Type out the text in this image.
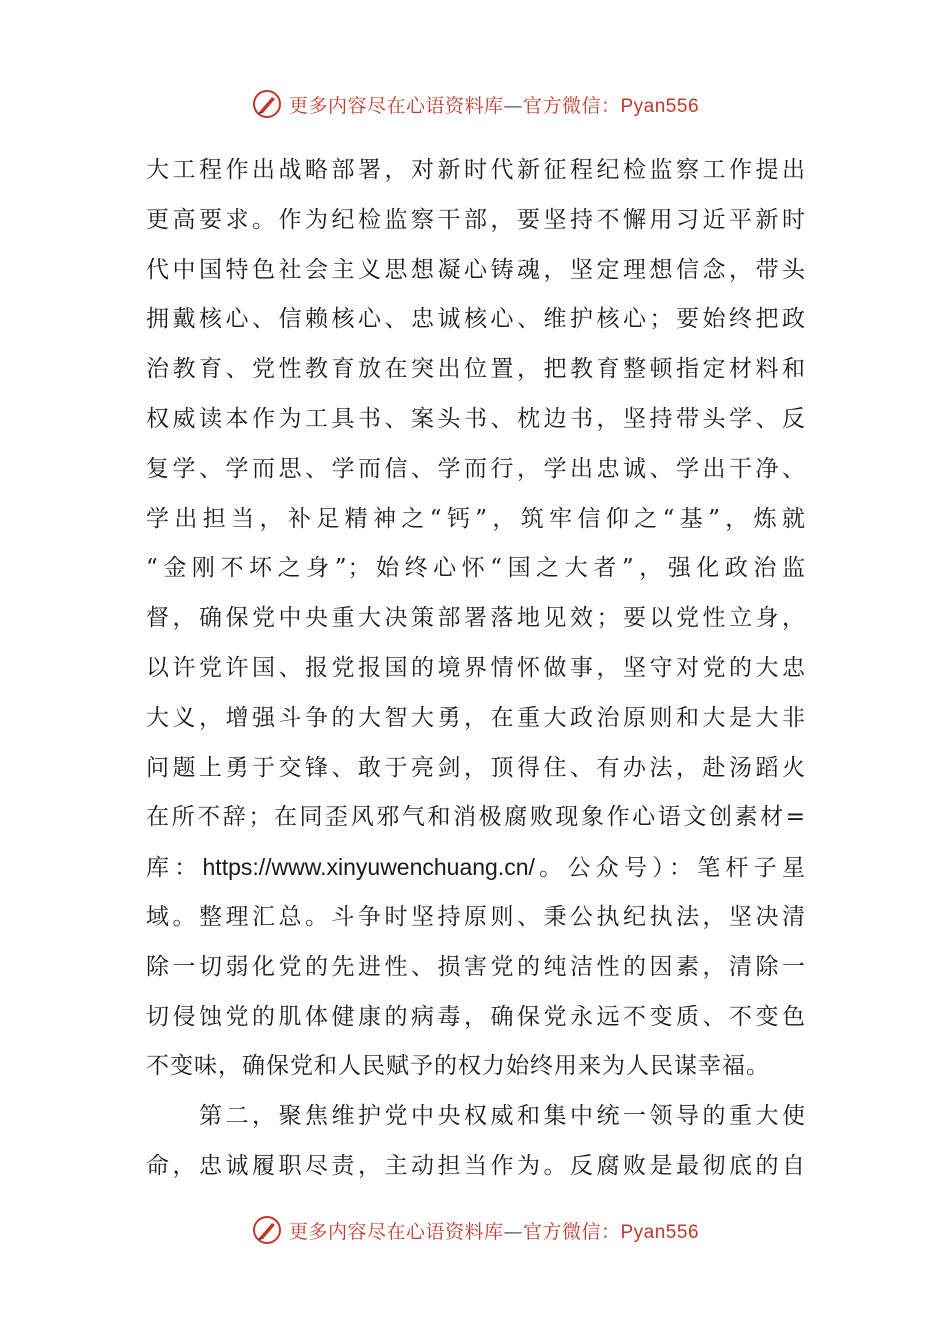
更多内容尽在心语资料库—官方微信：Pyan556
大工程作出战略部署，对新时代新征程纪检监察工作提出
更高要求。作为纪检监察干部，要坚持不懈用习近平新时
代中国特色社会主义思想凝心铸魂，坚定理想信念，带头
拥戴核心、信赖核心、忠诚核心、维护核心；要始终把政
治教育、党性教育放在突出位置，把教育整顿指定材料和
权威读本作为工具书、案头书、枕边书，坚持带头学、反
复学、学而思、学而信、学而行，学出忠诚、学出干净、
学出担当，补足精神之“钙”，筑牢信仰之“基”，炼就
“金刚不坏之身”；始终心怀“国之大者”，强化政治监
督，确保党中央重大决策部署落地见效；要以党性立身，
以许党许国、报党报国的境界情怀做事，坚守对党的大忠
大义，增强斗争的大智大勇，在重大政治原则和大是大非
问题上勇于交锋、敢于亮剑，顶得住、有办法，赴汤蹈火
在所不辞；在同歪风邪气和消极腐败现象作心语文创素材=
库：https://www.xinyuwenchuang.cn/。公众号）：笔杆子星
域。整理汇总。斗争时坚持原则、秉公执纪执法，坚决清
除一切弱化党的先进性、损害党的纯洁性的因素，清除一
切侵蚀党的肌体健康的病毒，确保党永远不变质、不变色
不变味，确保党和人民赋予的权力始终用来为人民谋幸福。
　　第二，聚焦维护党中央权威和集中统一领导的重大使
命，忠诚履职尽责，主动担当作为。反腐败是最彻底的自
更多内容尽在心语资料库—官方微信：Pyan556
